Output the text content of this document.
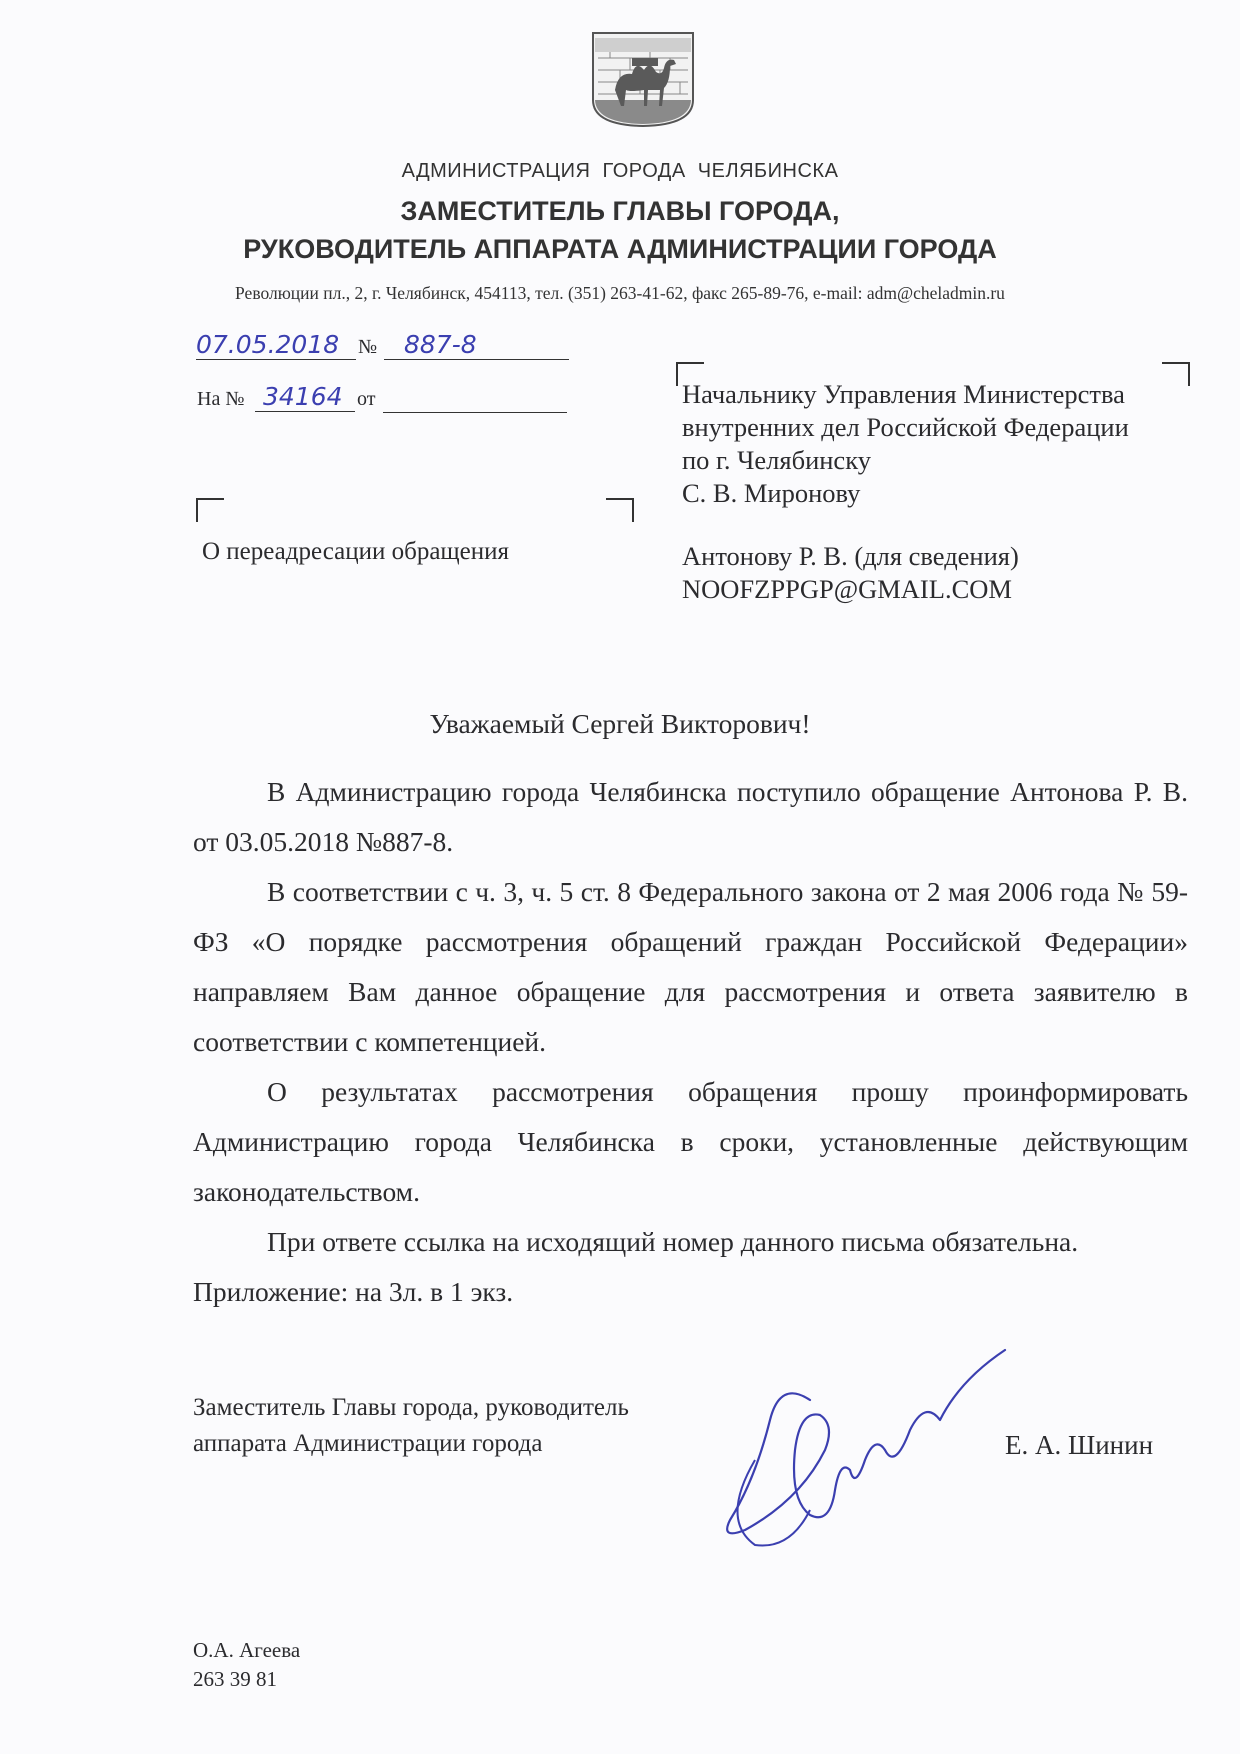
АДМИНИСТРАЦИЯ  ГОРОДА  ЧЕЛЯБИНСКА
ЗАМЕСТИТЕЛЬ ГЛАВЫ ГОРОДА,
РУКОВОДИТЕЛЬ АППАРАТА АДМИНИСТРАЦИИ ГОРОДА
Революции пл., 2, г. Челябинск, 454113, тел. (351) 263-41-62, факс 265-89-76, e-mail: adm@cheladmin.ru
07.05.2018 №	887-8
На № 34164 от
О переадресации обращения
Начальнику Управления Министерства
внутренних дел Российской Федерации
по г. Челябинску
С. В. Миронову
Антонову Р. В. (для сведения)
NOOFZPPGP@GMAIL.COM
Уважаемый Сергей Викторович!
В Администрацию города Челябинска поступило обращение Антонова Р. В. от 03.05.2018 №887-8.
В соответствии с ч. 3, ч. 5 ст. 8 Федерального закона от 2 мая 2006 года № 59-ФЗ «О порядке рассмотрения обращений граждан Российской Федерации» направляем Вам данное обращение для рассмотрения и ответа заявителю в соответствии с компетенцией.
О результатах рассмотрения обращения прошу проинформировать Администрацию города Челябинска в сроки, установленные действующим законодательством.
При ответе ссылка на исходящий номер данного письма обязательна.
Приложение: на 3л. в 1 экз.
Заместитель Главы города, руководитель
аппарата Администрации города	Е. А. Шинин
О.А. Агеева
263 39 81
